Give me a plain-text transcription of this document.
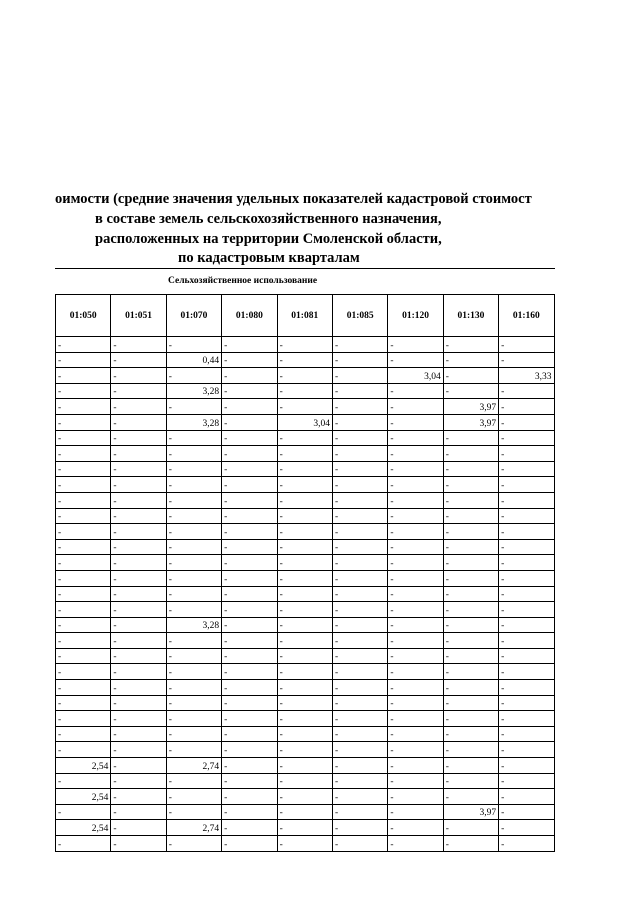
оимости (средние значения удельных показателей кадастровой стоимост
в составе земель сельскохозяйственного назначения,
расположенных на территории Смоленской области,
по кадастровым кварталам
Сельхозяйственное использование
01:050	01:051	01:070	01:080	01:081	01:085	01:120	01:130	01:160
-	-	-	-	-	-	-	-	-
-	-	0,44	-	-	-	-	-	-
-	-	-	-	-	-	3,04	-	3,33
-	-	3,28	-	-	-	-	-	-
-	-	-	-	-	-	-	3,97	-
-	-	3,28	-	3,04	-	-	3,97	-
-	-	-	-	-	-	-	-	-
-	-	-	-	-	-	-	-	-
-	-	-	-	-	-	-	-	-
-	-	-	-	-	-	-	-	-
-	-	-	-	-	-	-	-	-
-	-	-	-	-	-	-	-	-
-	-	-	-	-	-	-	-	-
-	-	-	-	-	-	-	-	-
-	-	-	-	-	-	-	-	-
-	-	-	-	-	-	-	-	-
-	-	-	-	-	-	-	-	-
-	-	-	-	-	-	-	-	-
-	-	3,28	-	-	-	-	-	-
-	-	-	-	-	-	-	-	-
-	-	-	-	-	-	-	-	-
-	-	-	-	-	-	-	-	-
-	-	-	-	-	-	-	-	-
-	-	-	-	-	-	-	-	-
-	-	-	-	-	-	-	-	-
-	-	-	-	-	-	-	-	-
-	-	-	-	-	-	-	-	-
2,54	-	2,74	-	-	-	-	-	-
-	-	-	-	-	-	-	-	-
2,54	-	-	-	-	-	-	-	-
-	-	-	-	-	-	-	3,97	-
2,54	-	2,74	-	-	-	-	-	-
-	-	-	-	-	-	-	-	-
